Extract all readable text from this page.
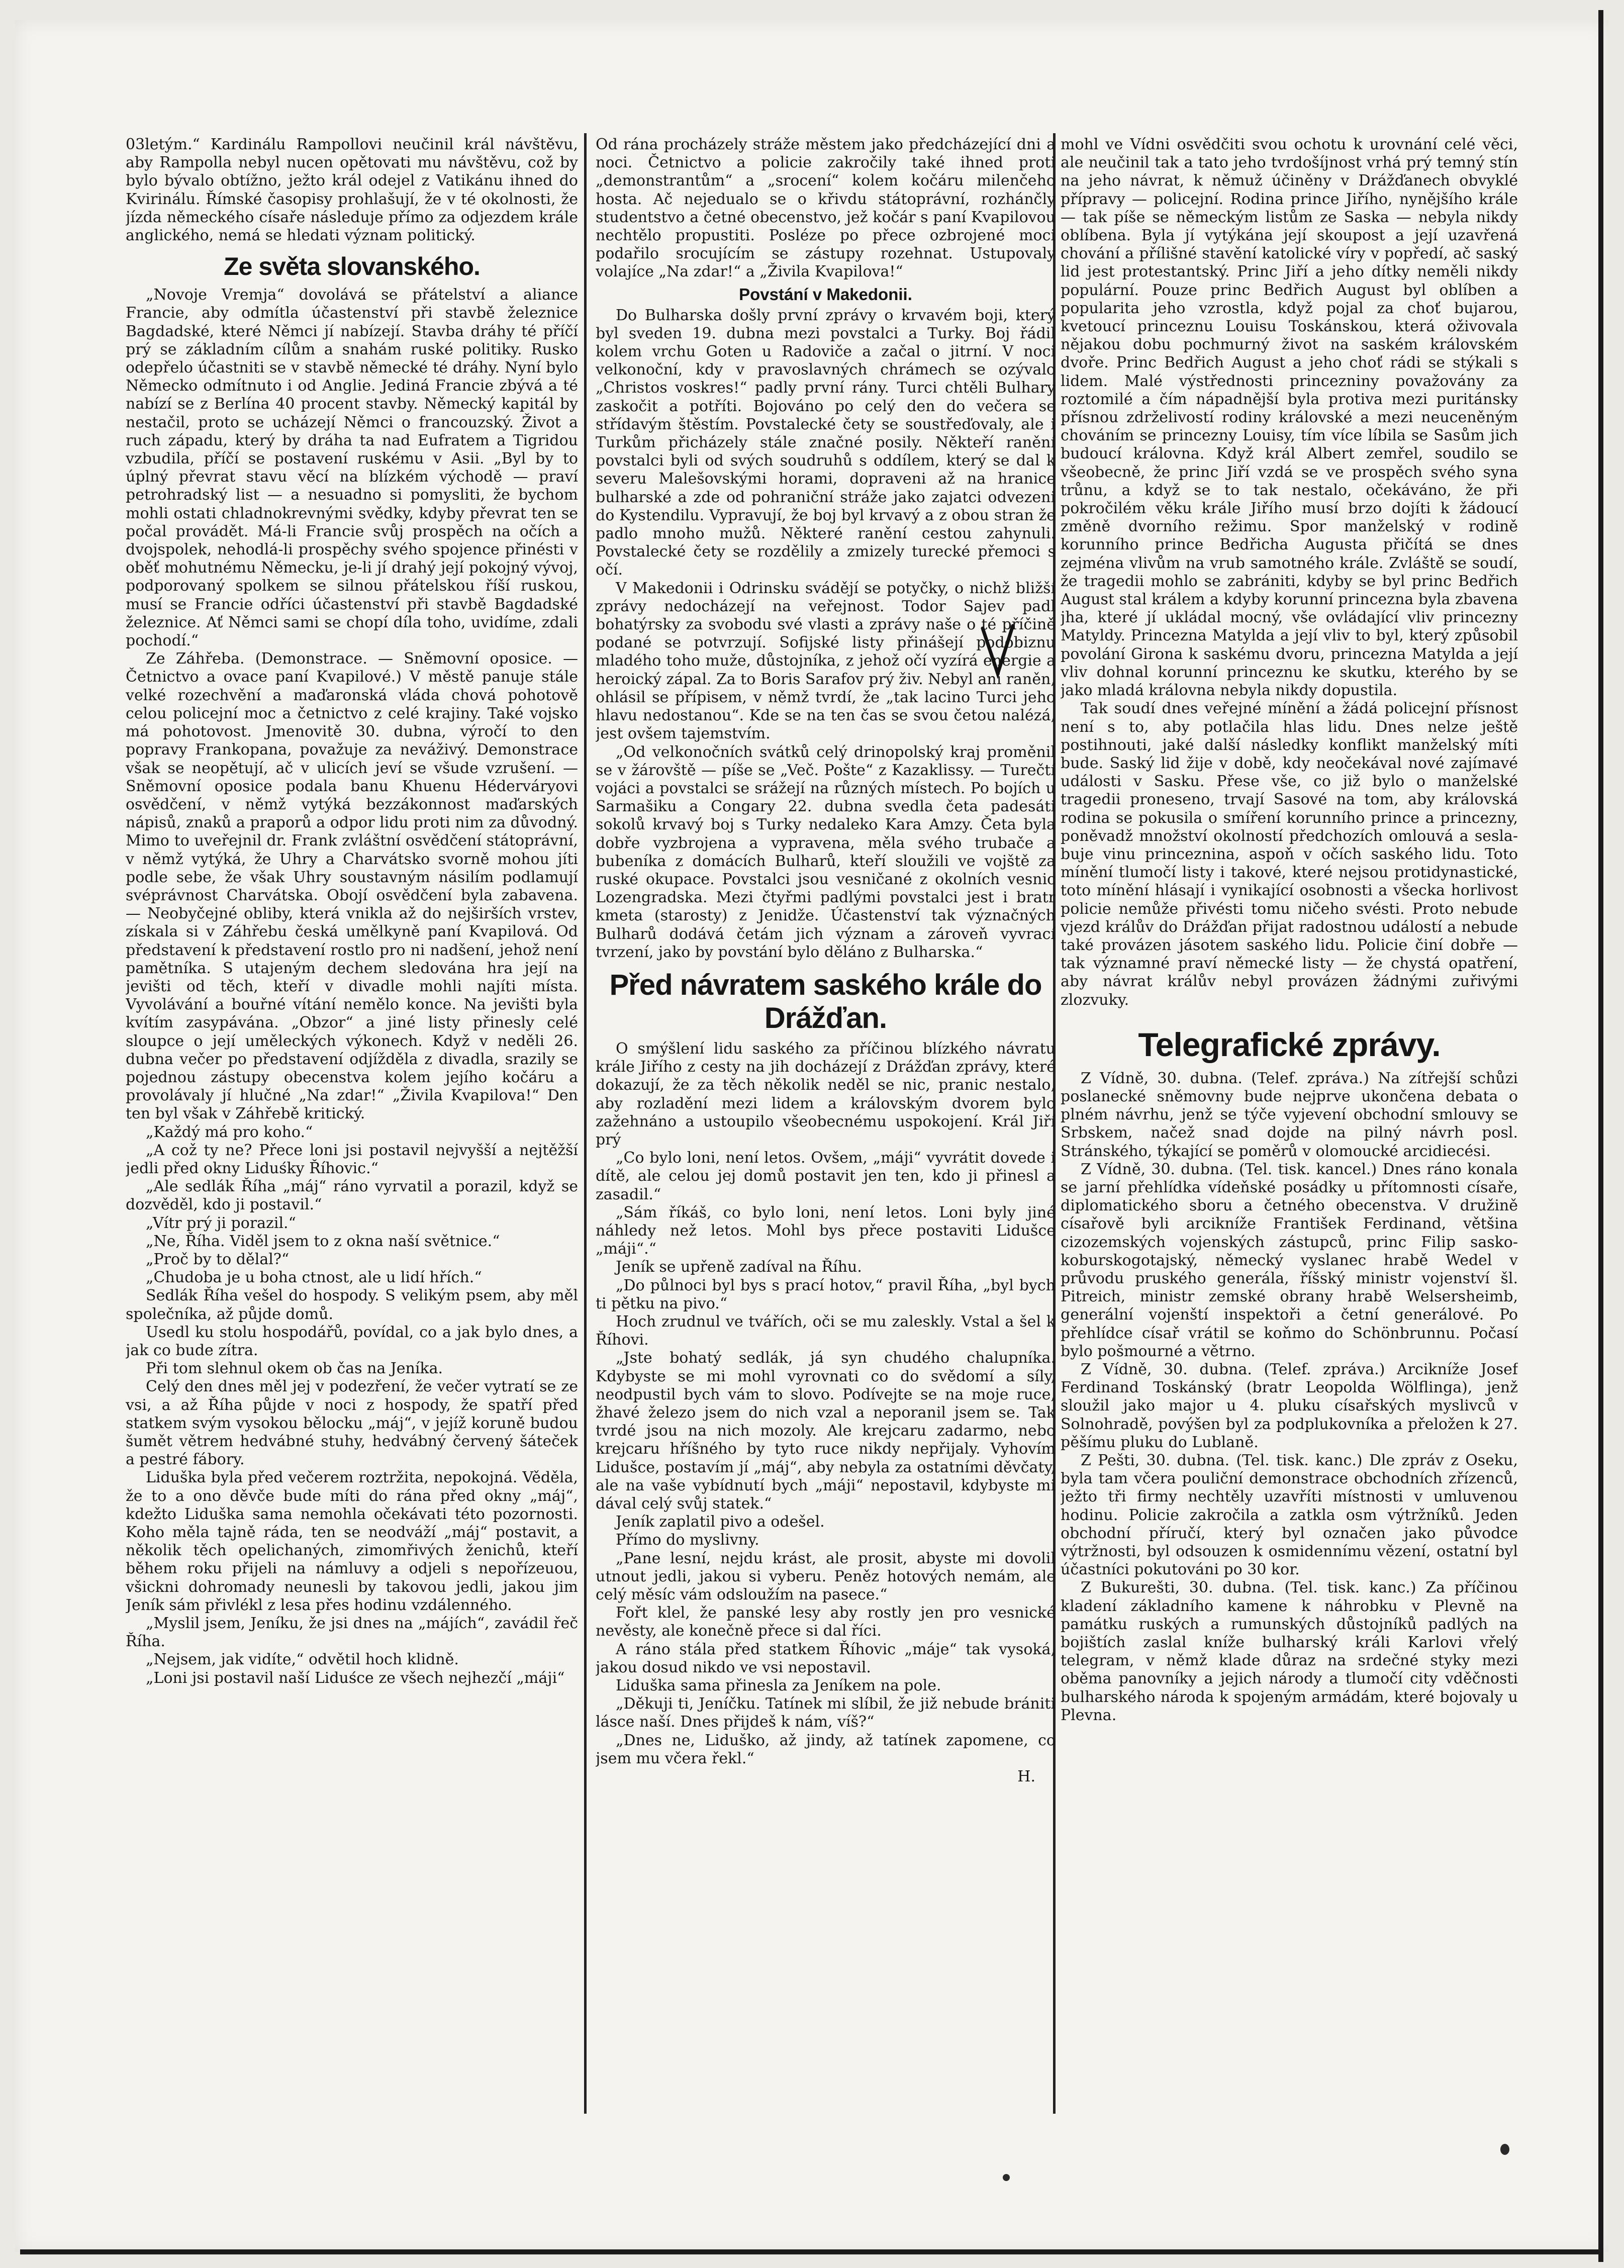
03letým.“ Kardinálu Rampollovi neučinil král návštěvu, aby Rampolla nebyl nucen opětovati mu návštěvu, což by bylo bývalo obtížno, ježto král odejel z Vatikánu ihned do Kvirinálu. Římské časopisy prohlašují, že v té okolnosti, že jízda německého císaře následuje přímo za odjezdem krále anglického, nemá se hledati význam politický.

Ze světa slovanského.

„Novoje Vremja“ dovolává se přátelství a aliance Francie, aby odmítla účastenství při stavbě železnice Bagdadské, které Němci jí nabízejí. Stavba dráhy té příčí prý se základním cílům a snahám ruské politiky. Rusko odepřelo účastniti se v stavbě německé té dráhy. Nyní bylo Německo odmítnuto i od Anglie. Jediná Francie zbývá a té nabízí se z Berlína 40 procent stavby. Německý kapitál by nestačil, proto se ucházejí Němci o francouzský. Život a ruch západu, který by dráha ta nad Eufratem a Tigridou vzbudila, příčí se postavení ruskému v Asii. „Byl by to úplný převrat stavu věcí na blízkém východě — praví petrohradský list — a nesuadno si pomysliti, že bychom mohli ostati chladnokrevnými svědky, kdyby převrat ten se počal provádět. Má-li Francie svůj prospěch na očích a dvojspolek, nehodlá-li prospěchy svého spojence přinésti v oběť mohutnému Německu, je-li jí drahý její pokojný vývoj, podporovaný spolkem se silnou přátelskou říší ruskou, musí se Francie odříci účastenství při stavbě Bagdadské železnice. Ať Němci sami se chopí díla toho, uvidíme, zdali pochodí.“

Ze Záhřeba. (Demonstrace. — Sněmovní oposice. — Četnictvo a ovace paní Kvapilové.) V městě panuje stále velké rozechvění a maďaronská vláda chová pohotově celou policejní moc a četnictvo z celé krajiny. Také vojsko má pohotovost. Jmenovitě 30. dubna, výročí to den popravy Frankopana, považuje za neváživý. Demonstrace však se neopětují, ač v ulicích jeví se všude vzrušení. — Sněmovní oposice podala banu Khuenu Héderváryovi osvědčení, v němž vytýká bezzákonnost maďarských nápisů, znaků a praporů a odpor lidu proti nim za důvodný. Mimo to uveřejnil dr. Frank zvláštní osvědčení státoprávní, v němž vytýká, že Uhry a Charvátsko svorně mohou jíti podle sebe, že však Uhry soustavným násilím podlamují svéprávnost Charvátska. Obojí osvědčení byla zabavena. — Neobyčejné obliby, která vnikla až do nejširších vrstev, získala si v Záhřebu česká umělkyně paní Kvapilová. Od představení k představení rostlo pro ni nadšení, jehož není pamětníka. S utajeným dechem sledována hra její na jevišti od těch, kteří v divadle mohli najíti místa. Vyvolávání a bouřné vítání nemělo konce. Na jevišti byla kvítím zasypávána. „Obzor“ a jiné listy přinesly celé sloupce o její uměleckých výkonech. Když v neděli 26. dubna večer po představení odjížděla z divadla, srazily se pojednou zástupy obecenstva kolem jejího kočáru a provolávaly jí hlučné „Na zdar!“ „Živila Kvapilova!“ Den ten byl však v Záhřebě kritický.

„Každý má pro koho.“

„A což ty ne? Přece loni jsi postavil nejvyšší a nejtěžší jedli před okny Liduśky Říhovic.“

„Ale sedlák Říha „máj“ ráno vyrvatil a porazil, když se dozvěděl, kdo ji postavil.“

„Vítr prý ji porazil.“

„Ne, Říha. Viděl jsem to z okna naší světnice.“

„Proč by to dělal?“

„Chudoba je u boha ctnost, ale u lidí hřích.“

Sedlák Říha vešel do hospody. S velikým psem, aby měl společníka, až půjde domů.

Usedl ku stolu hospodářů, povídal, co a jak bylo dnes, a jak co bude zítra.

Při tom slehnul okem ob čas na Jeníka.

Celý den dnes měl jej v podezření, že večer vytratí se ze vsi, a až Říha půjde v noci z hospody, že spatří před statkem svým vysokou bělocku „máj“, v jejíž koruně budou šumět větrem hedvábné stuhy, hedvábný červený šáteček a pestré fábory.

Liduška byla před večerem roztržita, nepokojná. Věděla, že to a ono děvče bude míti do rána před okny „máj“, kdežto Liduška sama nemohla očekávati této pozornosti. Koho měla tajně ráda, ten se neodváží „máj“ postavit, a několik těch opelichaných, zimomřivých ženichů, kteří během roku přijeli na námluvy a odjeli s nepořízeuou, všickni dohromady neunesli by takovou jedli, jakou jim Jeník sám přivlékl z lesa přes hodinu vzdálenného.

„Myslil jsem, Jeníku, že jsi dnes na „májích“, zavádil řeč Říha.

„Nejsem, jak vidíte,“ odvětil hoch klidně.

„Loni jsi postavil naší Liduśce ze všech nejhezčí „máji“

Od rána procházely stráže městem jako předcházející dni a noci. Četnictvo a policie zakročily také ihned proti „demonstrantům“ a „srocení“ kolem kočáru milenčeho hosta. Ač nejedualo se o křivdu státoprávní, rozhánčly studentstvo a četné obecenstvo, jež kočár s paní Kvapilovou nechtělo propustiti. Posléze po přece ozbrojené moci podařilo srocujícím se zástupy rozehnat. Ustupovaly volajíce „Na zdar!“ a „Živila Kvapilova!“

Povstání v Makedonii.

Do Bulharska došly první zprávy o krvavém boji, který byl sveden 19. dubna mezi povstalci a Turky. Boj řádil kolem vrchu Goten u Radoviče a začal o jitrní. V noci velkonoční, kdy v pravoslavných chrámech se ozývalo „Christos voskres!“ padly první rány. Turci chtěli Bulhary zaskočit a potříti. Bojováno po celý den do večera se střídavým štěstím. Povstalecké čety se soustřeďovaly, ale i Turkům přicházely stále značné posily. Někteří ranění povstalci byli od svých soudruhů s oddílem, který se dal k severu Malešovskými horami, dopraveni až na hranice bulharské a zde od pohraniční stráže jako zajatci odvezeni do Kystendilu. Vypravují, že boj byl krvavý a z obou stran že padlo mnoho mužů. Některé ranění cestou zahynuli. Povstalecké čety se rozdělily a zmizely turecké přemoci s očí.

V Makedonii i Odrinsku svádějí se potyčky, o nichž bližší zprávy nedocházejí na veřejnost. Todor Sajev padl bohatýrsky za svobodu své vlasti a zprávy naše o té příčině podané se potvrzují. Sofijské listy přinášejí podobiznu mladého toho muže, důstojníka, z jehož očí vyzírá energie a heroický zápal. Za to Boris Sarafov prý živ. Nebyl ani raněn, ohlásil se přípisem, v němž tvrdí, že „tak lacino Turci jeho hlavu nedostanou“. Kde se na ten čas se svou četou nalézá, jest ovšem tajemstvím.

„Od velkonočních svátků celý drinopolský kraj proměnil se v žárovště — píše se „Več. Pošte“ z Kazaklissy. — Turečtí vojáci a povstalci se srážejí na různých místech. Po bojích u Sarmašiku a Congary 22. dubna svedla četa padesáti sokolů krvavý boj s Turky nedaleko Kara Amzy. Četa byla dobře vyzbrojena a vypravena, měla svého trubače a bubeníka z domácích Bulharů, kteří sloužili ve vojště za ruské okupace. Povstalci jsou vesničané z okolních vesnic Lozengradska. Mezi čtyřmi padlými povstalci jest i bratr kmeta (starosty) z Jenidže. Účastenství tak význačných Bulharů dodává četám jich význam a zároveň vyvrací tvrzení, jako by povstání bylo děláno z Bulharska.“

Před návratem saského krále do Drážďan.

O smýšlení lidu saského za příčinou blízkého návratu krále Jiřího z cesty na jih docházejí z Drážďan zprávy, které dokazují, že za těch několik neděl se nic, pranic nestalo, aby rozladění mezi lidem a královským dvorem bylo zažehnáno a ustoupilo všeobecnému uspokojení. Král Jiří prý

„Co bylo loni, není letos. Ovšem, „máji“ vyvrátit dovede i dítě, ale celou jej domů postavit jen ten, kdo ji přinesl a zasadil.“

„Sám říkáš, co bylo loni, není letos. Loni byly jiné náhledy než letos. Mohl bys přece postaviti Lidušce „máji“.“

Jeník se upřeně zadíval na Říhu.

„Do půlnoci byl bys s prací hotov,“ pravil Říha, „byl bych ti pětku na pivo.“

Hoch zrudnul ve tvářích, oči se mu zaleskly. Vstal a šel k Říhovi.

„Jste bohatý sedlák, já syn chudého chalupníka. Kdybyste se mi mohl vyrovnati co do svědomí a síly, neodpustil bych vám to slovo. Podívejte se na moje ruce, žhavé železo jsem do nich vzal a neporanil jsem se. Tak tvrdé jsou na nich mozoly. Ale krejcaru zadarmo, nebo krejcaru hříšného by tyto ruce nikdy nepřijaly. Vyhovím Lidušce, postavím jí „máj“, aby nebyla za ostatními děvčaty, ale na vaše vybídnutí bych „máji“ nepostavil, kdybyste mi dával celý svůj statek.“

Jeník zaplatil pivo a odešel.

Přímo do myslivny.

„Pane lesní, nejdu krást, ale prosit, abyste mi dovolil utnout jedli, jakou si vyberu. Peněz hotových nemám, ale celý měsíc vám odsloužím na pasece.“

Fořt klel, že panské lesy aby rostly jen pro vesnické nevěsty, ale konečně přece si dal říci.

A ráno stála před statkem Říhovic „máje“ tak vysoká, jakou dosud nikdo ve vsi nepostavil.

Liduška sama přinesla za Jeníkem na pole.

„Děkuji ti, Jeníčku. Tatínek mi slíbil, že již nebude brániti lásce naší. Dnes přijdeš k nám, víš?“

„Dnes ne, Liduško, až jindy, až tatínek zapomene, co jsem mu včera řekl.“

H.

mohl ve Vídni osvědčiti svou ochotu k urovnání celé věci, ale neučinil tak a tato jeho tvrdošíjnost vrhá prý temný stín na jeho návrat, k němuž účiněny v Drážďanech obvyklé přípravy — policejní. Rodina prince Jiřího, nynějšího krále — tak píše se německým listům ze Saska — nebyla nikdy oblíbena. Byla jí vytýkána její skoupost a její uzavřená chování a přílišné stavění katolické víry v popředí, ač saský lid jest protestantský. Princ Jiří a jeho dítky neměli nikdy populární. Pouze princ Bedřich August byl oblíben a popularita jeho vzrostla, když pojal za choť bujarou, kvetoucí princeznu Louisu Toskánskou, která oživovala nějakou dobu pochmurný život na saském královském dvoře. Princ Bedřich August a jeho choť rádi se stýkali s lidem. Malé výstřednosti princezniny považovány za roztomilé a čím nápadnější byla protiva mezi puritánsky přísnou zdrželivostí rodiny královské a mezi neuceněným chováním se princezny Louisy, tím více líbila se Sasům jich budoucí královna. Když král Albert zemřel, soudilo se všeobecně, že princ Jiří vzdá se ve prospěch svého syna trůnu, a když se to tak nestalo, očekáváno, že při pokročilém věku krále Jiřího musí brzo dojíti k žádoucí změně dvorního režimu. Spor manželský v rodině korunního prince Bedřicha Augusta přičítá se dnes zejména vlivům na vrub samotného krále. Zvláště se soudí, že tragedii mohlo se zabrániti, kdyby se byl princ Bedřich August stal králem a kdyby korunní princezna byla zbavena jha, které jí ukládal mocný, vše ovládající vliv princezny Matyldy. Princezna Matylda a její vliv to byl, který způsobil povolání Girona k saskému dvoru, princezna Matylda a její vliv dohnal korunní princeznu ke skutku, kterého by se jako mladá královna nebyla nikdy dopustila.

Tak soudí dnes veřejné mínění a žádá policejní přísnost není s to, aby potlačila hlas lidu. Dnes nelze ještě postihnouti, jaké další následky konflikt manželský míti bude. Saský lid žije v době, kdy neočekával nové zajímavé události v Sasku. Přese vše, co již bylo o manželské tragedii proneseno, trvají Sasové na tom, aby královská rodina se pokusila o smíření korunního prince a princezny, poněvadž množství okolností předchozích omlouvá a seslabuje vinu princeznina, aspoň v očích saského lidu. Toto mínění tlumočí listy i takové, které nejsou protidynastické, toto mínění hlásají i vynikající osobnosti a všecka horlivost policie nemůže přivésti tomu ničeho svésti. Proto nebude vjezd králův do Drážďan přijat radostnou událostí a nebude také provázen jásotem saského lidu. Policie činí dobře — tak významné praví německé listy — že chystá opatření, aby návrat králův nebyl provázen žádnými zuřivými zlozvuky.

Telegrafické zprávy.

Z Vídně, 30. dubna. (Telef. zpráva.) Na zítřejší schůzi poslanecké sněmovny bude nejprve ukončena debata o plném návrhu, jenž se týče vyjevení obchodní smlouvy se Srbskem, načež snad dojde na pilný návrh posl. Stránského, týkající se poměrů v olomoucké arcidiecési.

Z Vídně, 30. dubna. (Tel. tisk. kancel.) Dnes ráno konala se jarní přehlídka vídeňské posádky u přítomnosti císaře, diplomatického sboru a četného obecenstva. V družině císařově byli arcikníže František Ferdinand, většina cizozemských vojenských zástupců, princ Filip sasko-koburskogotajský, německý vyslanec hrabě Wedel v průvodu pruského generála, říšský ministr vojenství šl. Pitreich, ministr zemské obrany hrabě Welsersheimb, generální vojenští inspektoři a četní generálové. Po přehlídce císař vrátil se koňmo do Schönbrunnu. Počasí bylo pošmourné a větrno.

Z Vídně, 30. dubna. (Telef. zpráva.) Arcikníže Josef Ferdinand Toskánský (bratr Leopolda Wölflinga), jenž sloužil jako major u 4. pluku císařských myslivců v Solnohradě, povýšen byl za podplukovníka a přeložen k 27. pěšímu pluku do Lublaně.

Z Pešti, 30. dubna. (Tel. tisk. kanc.) Dle zpráv z Oseku, byla tam včera pouliční demonstrace obchodních zřízenců, ježto tři firmy nechtěly uzavříti místnosti v umluvenou hodinu. Policie zakročila a zatkla osm výtržníků. Jeden obchodní příručí, který byl označen jako původce výtržnosti, byl odsouzen k osmidennímu vězení, ostatní byl účastníci pokutováni po 30 kor.

Z Bukurešti, 30. dubna. (Tel. tisk. kanc.) Za příčinou kladení základního kamene k náhrobku v Plevně na památku ruských a rumunských důstojníků padlých na bojištích zaslal kníže bulharský králi Karlovi vřelý telegram, v němž klade důraz na srdečné styky mezi oběma panovníky a jejich národy a tlumočí city vděčnosti bulharského národa k spojeným armádám, které bojovaly u Plevna.
